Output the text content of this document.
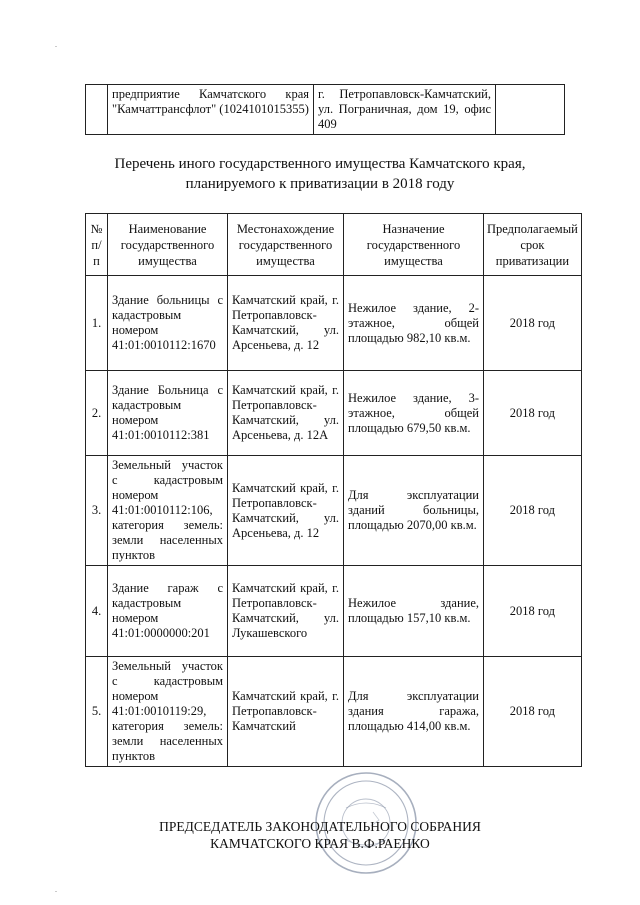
.
.
	предприятие Камчатского края "Камчаттрансфлот" (1024101015355)	г. Петропавловск-Камчатский, ул. Пограничная, дом 19, офис 409	
Перечень иного государственного имущества Камчатского края,
планируемого к приватизации в 2018 году
№ п/п	Наименование государственного имущества	Местонахождение государственного имущества	Назначение государственного имущества	Предполагаемый срок приватизации
1.	Здание больницы с кадастровым номером 41:01:0010112:1670	Камчатский край, г. Петропавловск-Камчатский, ул. Арсеньева, д. 12	Нежилое здание, 2-этажное, общей площадью 982,10 кв.м.	2018 год
2.	Здание Больница с кадастровым номером 41:01:0010112:381	Камчатский край, г. Петропавловск-Камчатский, ул. Арсеньева, д. 12А	Нежилое здание, 3-этажное, общей площадью 679,50 кв.м.	2018 год
3.	Земельный участок с кадастровым номером 41:01:0010112:106, категория земель: земли населенных пунктов	Камчатский край, г. Петропавловск-Камчатский, ул. Арсеньева, д. 12	Для эксплуатации зданий больницы, площадью 2070,00 кв.м.	2018 год
4.	Здание гараж с кадастровым номером 41:01:0000000:201	Камчатский край, г. Петропавловск-Камчатский, ул. Лукашевского	Нежилое здание, площадью 157,10 кв.м.	2018 год
5.	Земельный участок с кадастровым номером 41:01:0010119:29, категория земель: земли населенных пунктов	Камчатский край, г. Петропавловск-Камчатский	Для эксплуатации здания гаража, площадью 414,00 кв.м.	2018 год
ПРЕДСЕДАТЕЛЬ ЗАКОНОДАТЕЛЬНОГО СОБРАНИЯ
КАМЧАТСКОГО КРАЯ В.Ф.РАЕНКО
